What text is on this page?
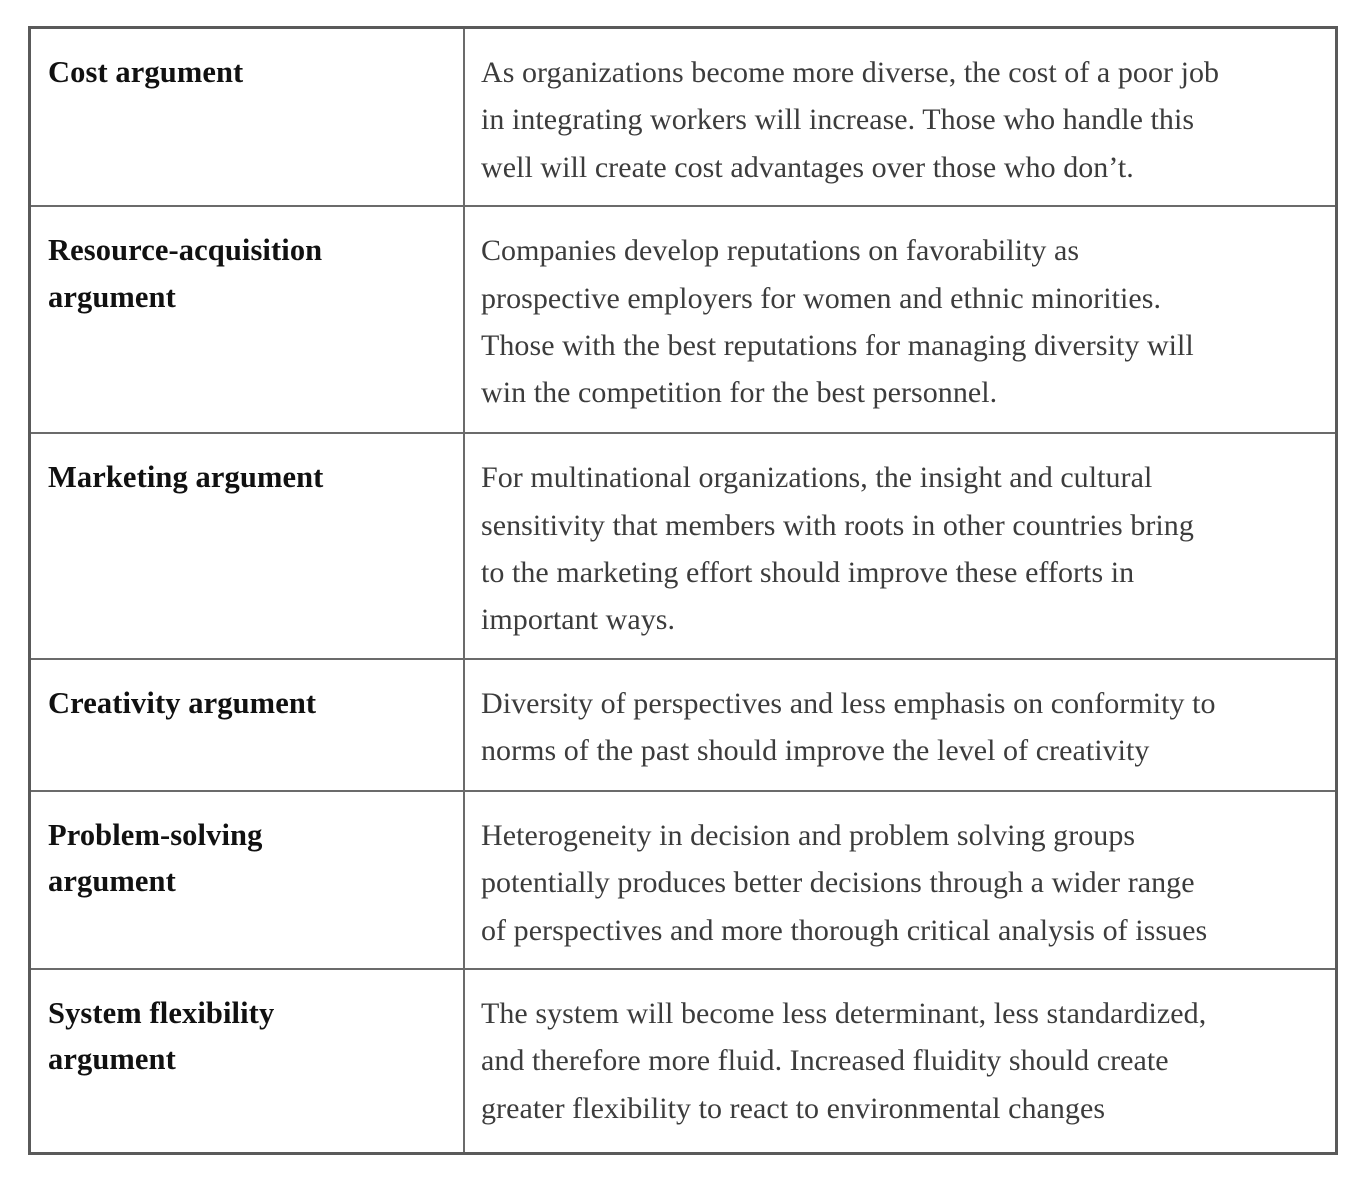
Cost argument	As organizations become more diverse, the cost of a poor job
in integrating workers will increase. Those who handle this
well will create cost advantages over those who don’t.

Resource-acquisition
argument	Companies develop reputations on favorability as
prospective employers for women and ethnic minorities.
Those with the best reputations for managing diversity will
win the competition for the best personnel.

Marketing argument	For multinational organizations, the insight and cultural
sensitivity that members with roots in other countries bring
to the marketing effort should improve these efforts in
important ways.

Creativity argument	Diversity of perspectives and less emphasis on conformity to
norms of the past should improve the level of creativity

Problem-solving
argument	Heterogeneity in decision and problem solving groups
potentially produces better decisions through a wider range
of perspectives and more thorough critical analysis of issues

System flexibility
argument	The system will become less determinant, less standardized,
and therefore more fluid. Increased fluidity should create
greater flexibility to react to environmental changes
